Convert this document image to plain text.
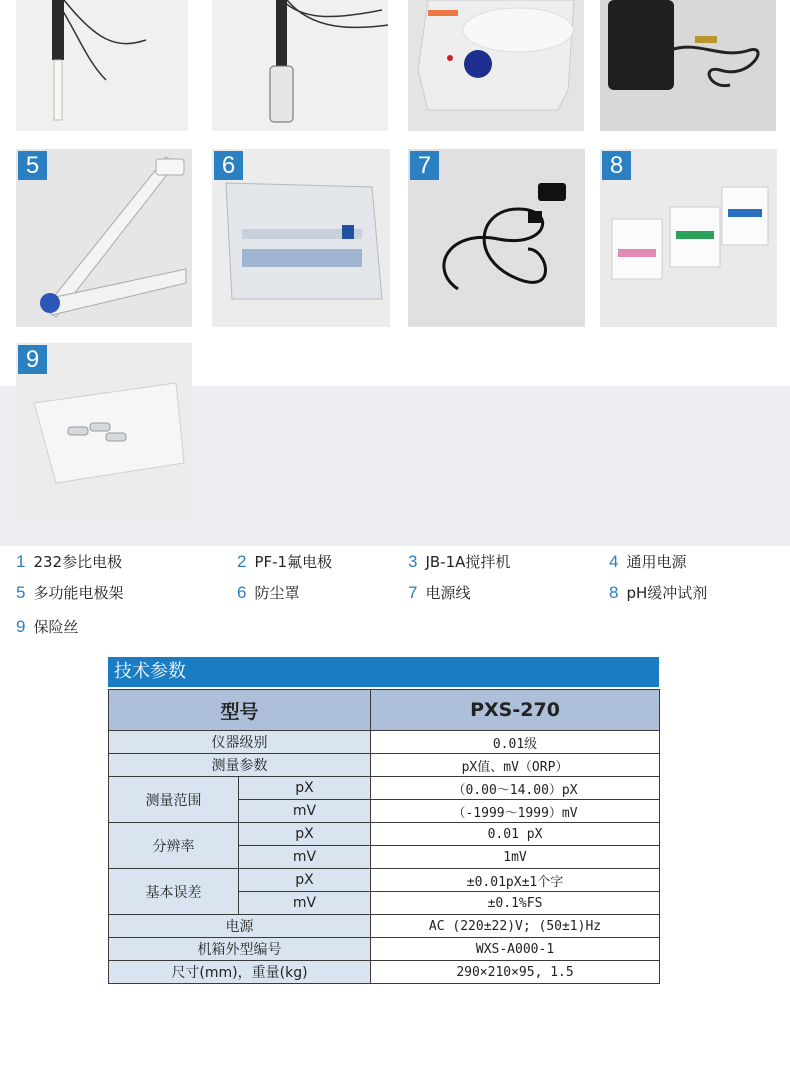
5	6	7	8
9
1 232参比电极	2 PF-1氟电极	3 JB-1A搅拌机	4 通用电源
5 多功能电极架	6 防尘罩	7 电源线	8 pH缓冲试剂
9 保险丝
技术参数
型号		PXS-270
仪器级别		0.01级
测量参数		pX值、mV（ORP）
测量范围	pX	（0.00～14.00）pX
	mV	（-1999～1999）mV
分辨率	pX	0.01 pX
	mV	1mV
基本误差	pX	±0.01pX±1个字
	mV	±0.1%FS
电源		AC (220±22)V; (50±1)Hz
机箱外型编号		WXS-A000-1
尺寸(mm)，重量(kg)		290×210×95, 1.5
